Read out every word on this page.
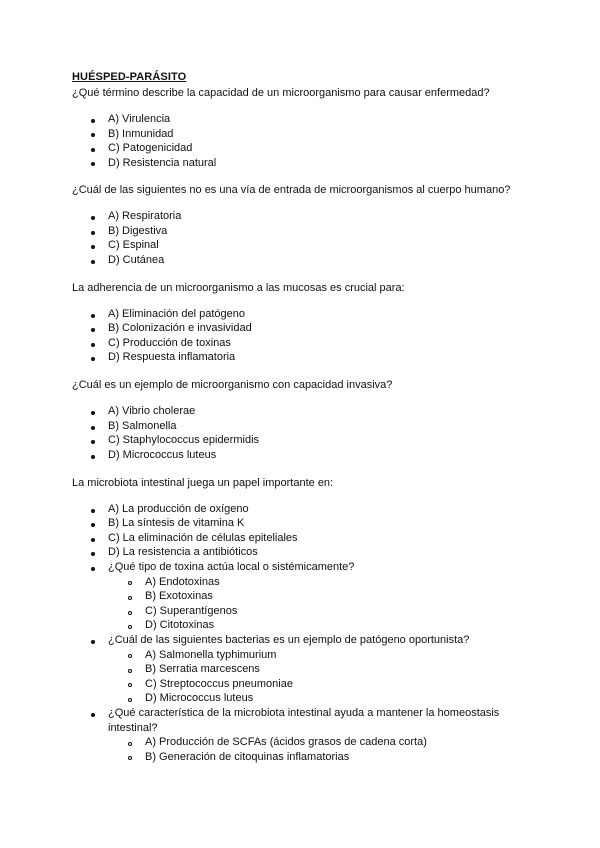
HUÉSPED-PARÁSITO
¿Qué término describe la capacidad de un microorganismo para causar enfermedad?
A) Virulencia
B) Inmunidad
C) Patogenicidad
D) Resistencia natural
¿Cuál de las siguientes no es una vía de entrada de microorganismos al cuerpo humano?
A) Respiratoria
B) Digestiva
C) Espinal
D) Cutánea
La adherencia de un microorganismo a las mucosas es crucial para:
A) Eliminación del patógeno
B) Colonización e invasividad
C) Producción de toxinas
D) Respuesta inflamatoria
¿Cuál es un ejemplo de microorganismo con capacidad invasiva?
A) Vibrio cholerae
B) Salmonella
C) Staphylococcus epidermidis
D) Micrococcus luteus
La microbiota intestinal juega un papel importante en:
A) La producción de oxígeno
B) La síntesis de vitamina K
C) La eliminación de células epiteliales
D) La resistencia a antibióticos
¿Qué tipo de toxina actúa local o sistémicamente?
A) Endotoxinas
B) Exotoxinas
C) Superantígenos
D) Citotoxinas
¿Cuál de las siguientes bacterias es un ejemplo de patógeno oportunista?
A) Salmonella typhimurium
B) Serratia marcescens
C) Streptococcus pneumoniae
D) Micrococcus luteus
¿Qué característica de la microbiota intestinal ayuda a mantener la homeostasis intestinal?
A) Producción de SCFAs (ácidos grasos de cadena corta)
B) Generación de citoquinas inflamatorias
